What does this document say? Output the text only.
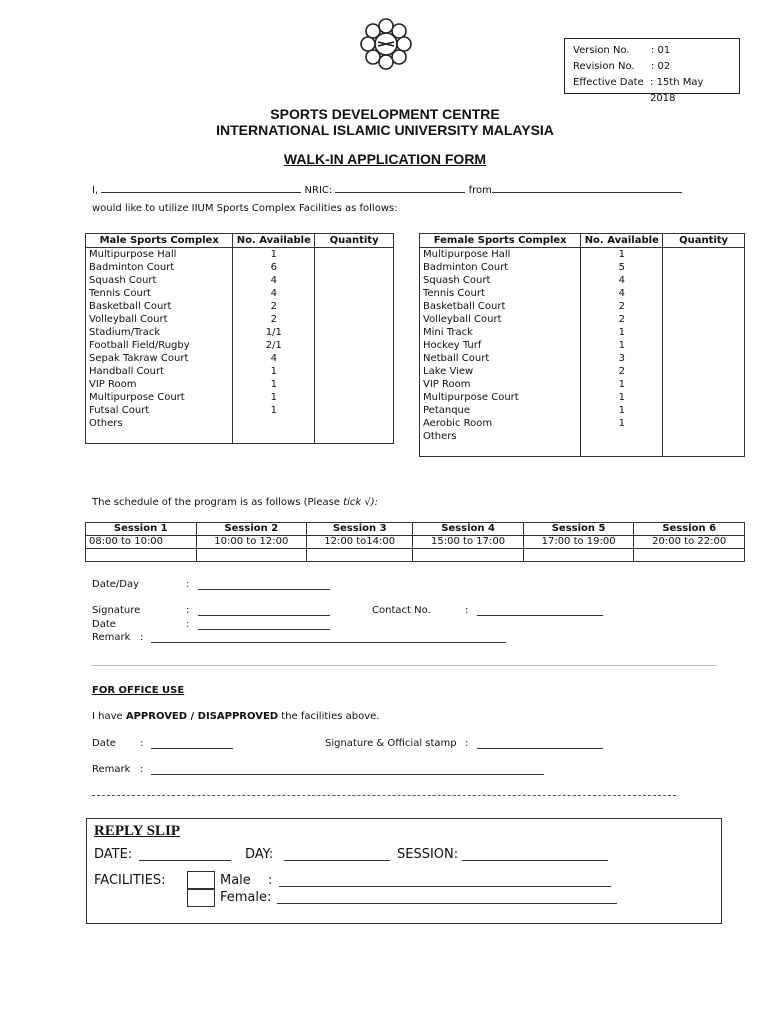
Version No.	: 01
Revision No.	: 02
Effective Date : 15th May 2018
SPORTS DEVELOPMENT CENTRE
INTERNATIONAL ISLAMIC UNIVERSITY MALAYSIA
WALK-IN APPLICATION FORM
I,	NRIC:	from
would like to utilize IIUM Sports Complex Facilities as follows:
Male Sports Complex	No. Available	Quantity
Multipurpose Hall	1	
Badminton Court	6	
Squash Court	4	
Tennis Court	4	
Basketball Court	2	
Volleyball Court	2	
Stadium/Track	1/1	
Football Field/Rugby	2/1	
Sepak Takraw Court	4	
Handball Court	1	
VIP Room	1	
Multipurpose Court	1	
Futsal Court	1	
Others		

Female Sports Complex	No. Available	Quantity
Multipurpose Hall	1	
Badminton Court	5	
Squash Court	4	
Tennis Court	4	
Basketball Court	2	
Volleyball Court	2	
Mini Track	1	
Hockey Turf	1	
Netball Court	3	
Lake View	2	
VIP Room	1	
Multipurpose Court	1	
Petanque	1	
Aerobic Room	1	
Others		

The schedule of the program is as follows (Please tick √):
Session 1	Session 2	Session 3	Session 4	Session 5	Session 6
08:00 to 10:00	10:00 to 12:00	12:00 to14:00	15:00 to 17:00	17:00 to 19:00	20:00 to 22:00

Date/Day	:
Signature	:	Contact No.	:
Date	:
Remark :
FOR OFFICE USE
I have APPROVED / DISAPPROVED the facilities above.
Date :	Signature & Official stamp :
Remark :
REPLY SLIP
DATE:	DAY:	SESSION:
FACILITIES:	Male :
Female:
